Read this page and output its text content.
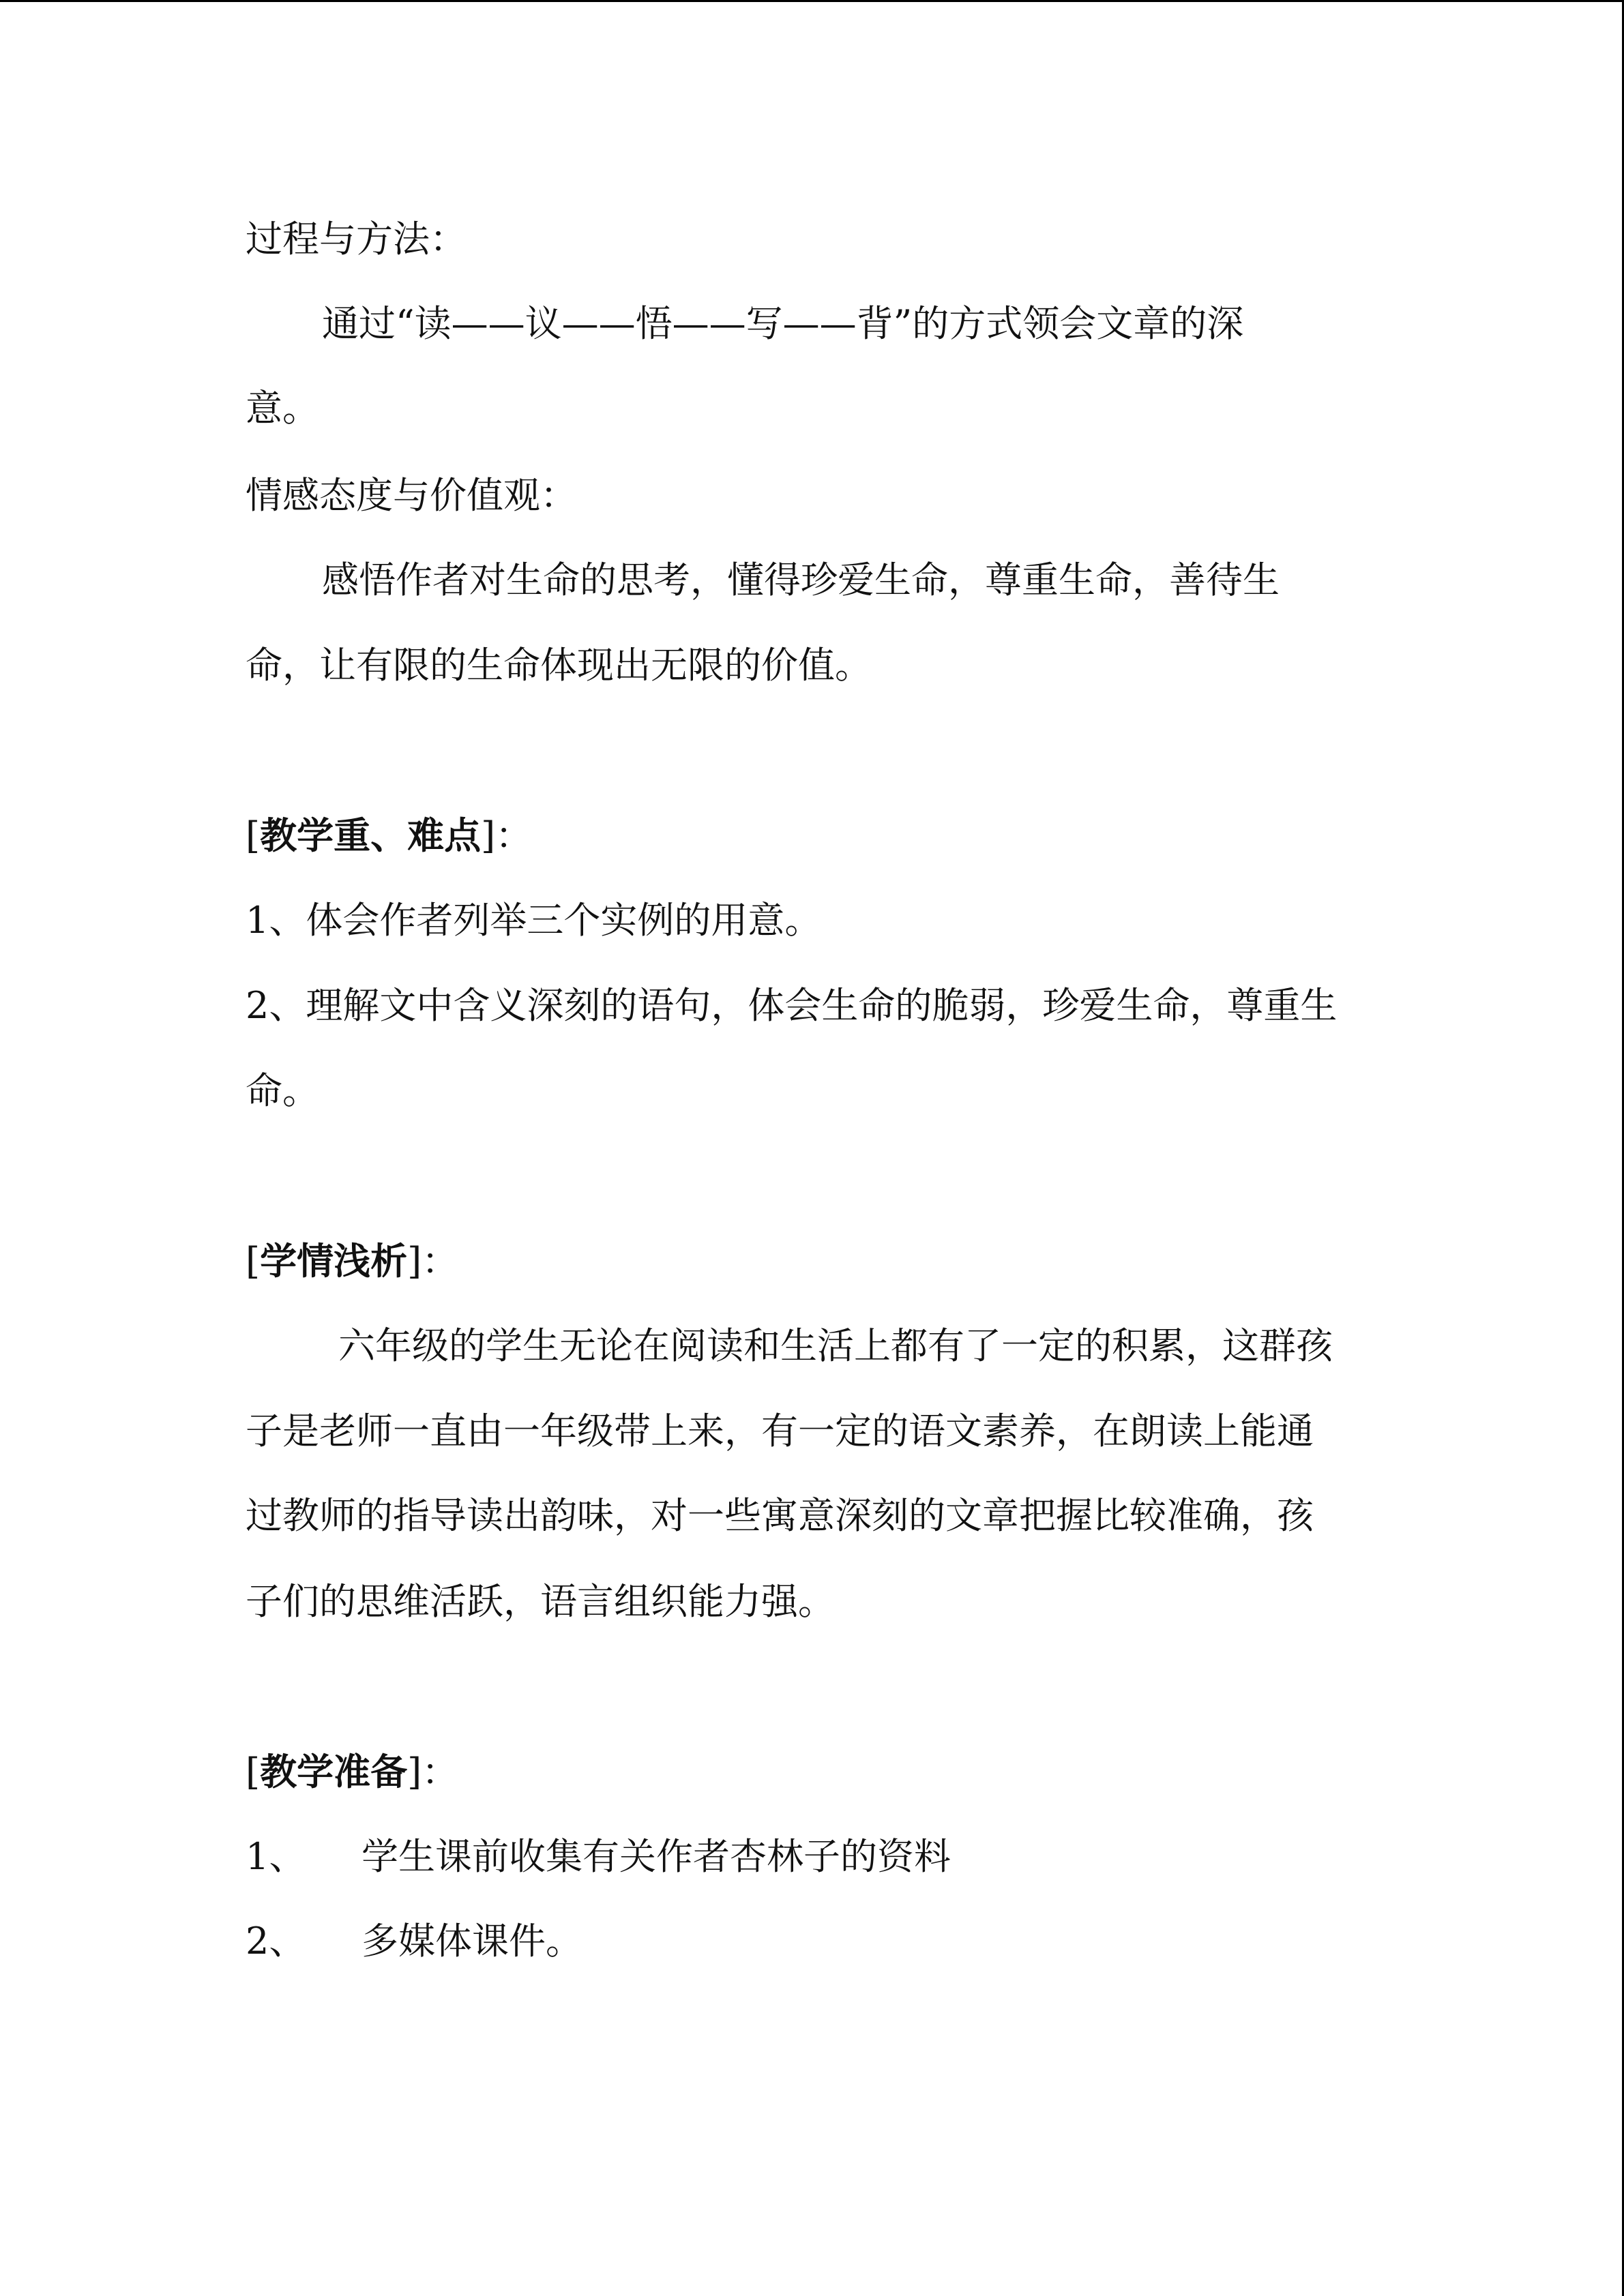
过程与方法：
通过“读——议——悟——写——背”的方式领会文章的深
意。
情感态度与价值观：
感悟作者对生命的思考，懂得珍爱生命，尊重生命，善待生
命，让有限的生命体现出无限的价值。
[教学重、难点]：
1、体会作者列举三个实例的用意。
2、理解文中含义深刻的语句，体会生命的脆弱，珍爱生命，尊重生
命。
[学情浅析]：
六年级的学生无论在阅读和生活上都有了一定的积累，这群孩
子是老师一直由一年级带上来，有一定的语文素养，在朗读上能通
过教师的指导读出韵味，对一些寓意深刻的文章把握比较准确，孩
子们的思维活跃，语言组织能力强。
[教学准备]：
1、 学生课前收集有关作者杏林子的资料
2、 多媒体课件。
